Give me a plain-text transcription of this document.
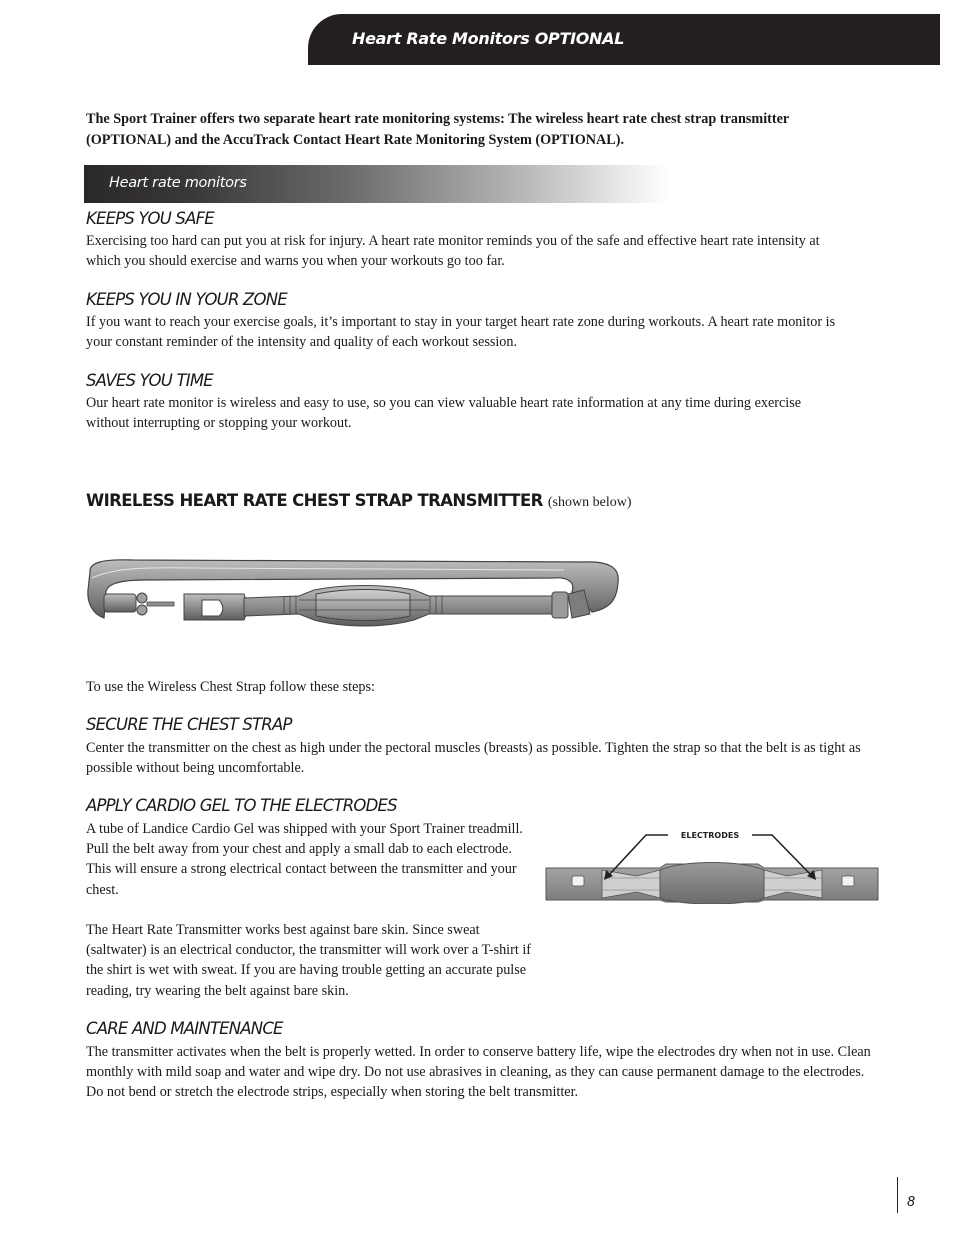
Heart Rate Monitors OPTIONAL
The Sport Trainer offers two separate heart rate monitoring systems: The wireless heart rate chest strap transmitter (OPTIONAL) and the AccuTrack Contact Heart Rate Monitoring System (OPTIONAL).
Heart rate monitors
KEEPS YOU SAFE
Exercising too hard can put you at risk for injury. A heart rate monitor reminds you of the safe and effective heart rate intensity at which you should exercise and warns you when your workouts go too far.
KEEPS YOU IN YOUR ZONE
If you want to reach your exercise goals, it’s important to stay in your target heart rate zone during workouts. A heart rate monitor is your constant reminder of the intensity and quality of each workout session.
SAVES YOU TIME
Our heart rate monitor is wireless and easy to use, so you can view valuable heart rate information at any time during exercise without interrupting or stopping your workout.
WIRELESS HEART RATE CHEST STRAP TRANSMITTER (shown below)
To use the Wireless Chest Strap follow these steps:
SECURE THE CHEST STRAP
Center the transmitter on the chest as high under the pectoral muscles (breasts) as possible. Tighten the strap so that the belt is as tight as possible without being uncomfortable.
APPLY CARDIO GEL TO THE ELECTRODES
A tube of Landice Cardio Gel was shipped with your Sport Trainer treadmill. Pull the belt away from your chest and apply a small dab to each electrode. This will ensure a strong electrical contact between the transmitter and your chest.
The Heart Rate Transmitter works best against bare skin. Since sweat (saltwater) is an electrical conductor, the transmitter will work over a T-shirt if the shirt is wet with sweat. If you are having trouble getting an accurate pulse reading, try wearing the belt against bare skin.
ELECTRODES
CARE AND MAINTENANCE
The transmitter activates when the belt is properly wetted. In order to conserve battery life, wipe the electrodes dry when not in use. Clean monthly with mild soap and water and wipe dry. Do not use abrasives in cleaning, as they can cause permanent damage to the electrodes. Do not bend or stretch the electrode strips, especially when storing the belt transmitter.
8
